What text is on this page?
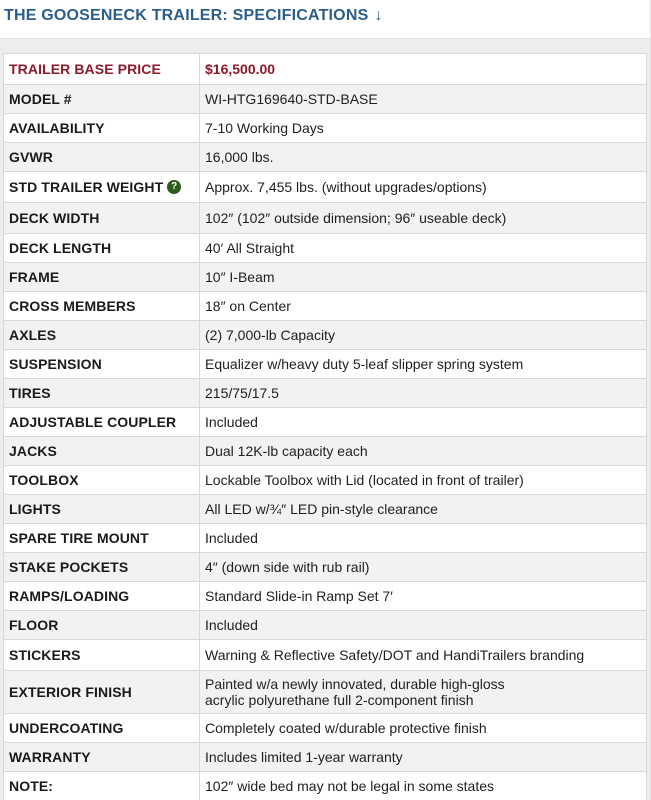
THE GOOSENECK TRAILER: SPECIFICATIONS ↓
TRAILER BASE PRICE	$16,500.00
MODEL #	WI-HTG169640-STD-BASE
AVAILABILITY	7-10 Working Days
GVWR	16,000 lbs.
STD TRAILER WEIGHT ?	Approx. 7,455 lbs. (without upgrades/options)
DECK WIDTH	102″ (102″ outside dimension; 96″ useable deck)
DECK LENGTH	40′ All Straight
FRAME	10″ I-Beam
CROSS MEMBERS	18″ on Center
AXLES	(2) 7,000-lb Capacity
SUSPENSION	Equalizer w/heavy duty 5-leaf slipper spring system
TIRES	215/75/17.5
ADJUSTABLE COUPLER	Included
JACKS	Dual 12K-lb capacity each
TOOLBOX	Lockable Toolbox with Lid (located in front of trailer)
LIGHTS	All LED w/¾″ LED pin-style clearance
SPARE TIRE MOUNT	Included
STAKE POCKETS	4″ (down side with rub rail)
RAMPS/LOADING	Standard Slide-in Ramp Set 7′
FLOOR	Included
STICKERS	Warning & Reflective Safety/DOT and HandiTrailers branding
EXTERIOR FINISH	Painted w/a newly innovated, durable high-gloss
acrylic polyurethane full 2-component finish

UNDERCOATING	Completely coated w/durable protective finish
WARRANTY	Includes limited 1-year warranty
NOTE:	102″ wide bed may not be legal in some states
